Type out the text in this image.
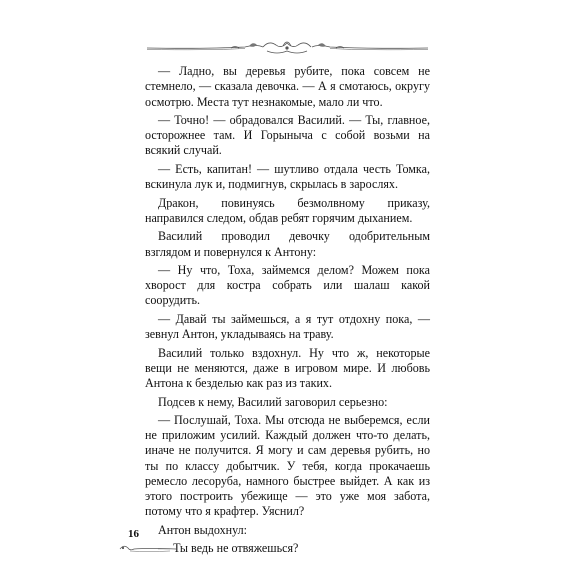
— Ладно, вы деревья рубите, пока совсем не стемнело, — сказала девочка. — А я смотаюсь, округу осмотрю. Места тут незнакомые, мало ли что.

— Точно! — обрадовался Василий. — Ты, главное, осторожнее там. И Горыныча с собой возьми на всякий случай.

— Есть, капитан! — шутливо отдала честь Томка, вскинула лук и, подмигнув, скрылась в зарослях.

Дракон, повинуясь безмолвному приказу, направился следом, обдав ребят горячим дыханием.

Василий проводил девочку одобрительным взглядом и повернулся к Антону:

— Ну что, Тоха, займемся делом? Можем пока хворост для костра собрать или шалаш какой соорудить.

— Давай ты займешься, а я тут отдохну пока, — зевнул Антон, укладываясь на траву.

Василий только вздохнул. Ну что ж, некоторые вещи не меняются, даже в игровом мире. И любовь Антона к безделью как раз из таких.

Подсев к нему, Василий заговорил серьезно:

— Послушай, Тоха. Мы отсюда не выберемся, если не приложим усилий. Каждый должен что-то делать, иначе не получится. Я могу и сам деревья рубить, но ты по классу добытчик. У тебя, когда прокачаешь ремесло лесоруба, намного быстрее выйдет. А как из этого построить убежище — это уже моя забота, потому что я крафтер. Уяснил?

Антон выдохнул:

— Ты ведь не отвяжешься?

16
